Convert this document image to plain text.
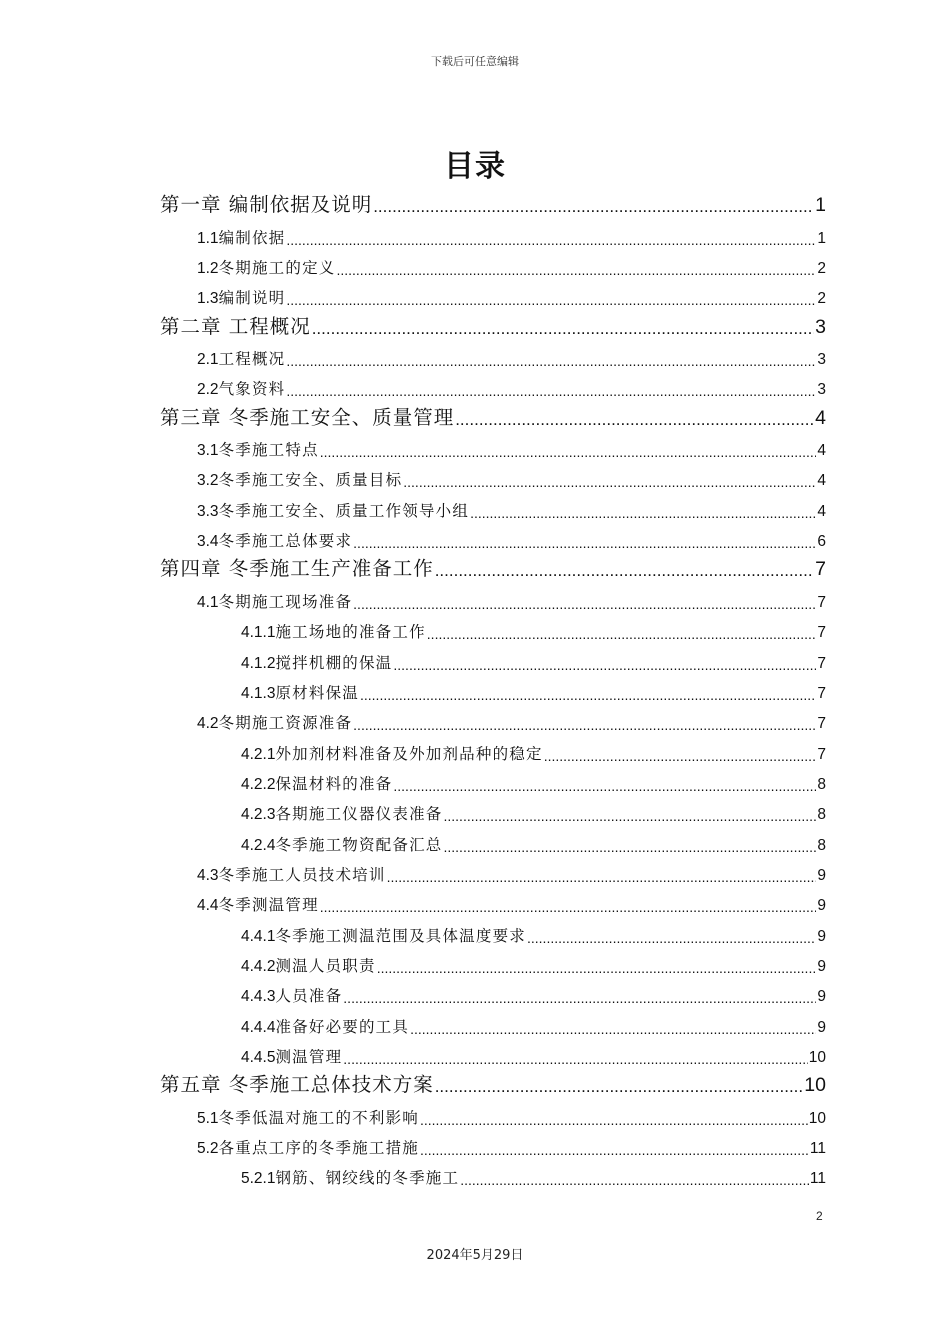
下载后可任意编辑
目录
第一章 编制依据及说明 .....	1
1.1 编制依据 .....	1
1.2 冬期施工的定义 .....	2
1.3 编制说明 .....	2
第二章 工程概况 .....	3
2.1 工程概况 .....	3
2.2 气象资料 .....	3
第三章 冬季施工安全、质量管理 .....	4
3.1 冬季施工特点 .....	4
3.2 冬季施工安全、质量目标 .....	4
3.3 冬季施工安全、质量工作领导小组 .....	4
3.4 冬季施工总体要求 .....	6
第四章 冬季施工生产准备工作 .....	7
4.1 冬期施工现场准备 .....	7
4.1.1 施工场地的准备工作 .....	7
4.1.2 搅拌机棚的保温 .....	7
4.1.3 原材料保温 .....	7
4.2 冬期施工资源准备 .....	7
4.2.1 外加剂材料准备及外加剂品种的稳定 .....	7
4.2.2 保温材料的准备 .....	8
4.2.3 各期施工仪器仪表准备 .....	8
4.2.4 冬季施工物资配备汇总 .....	8
4.3 冬季施工人员技术培训 .....	9
4.4 冬季测温管理 .....	9
4.4.1 冬季施工测温范围及具体温度要求 .....	9
4.4.2 测温人员职责 .....	9
4.4.3 人员准备 .....	9
4.4.4 准备好必要的工具 .....	9
4.4.5 测温管理 .....	10
第五章 冬季施工总体技术方案 .....	10
5.1 冬季低温对施工的不利影响 .....	10
5.2 各重点工序的冬季施工措施 .....	11
5.2.1 钢筋、钢绞线的冬季施工 .....	11
2
2024年5月29日
